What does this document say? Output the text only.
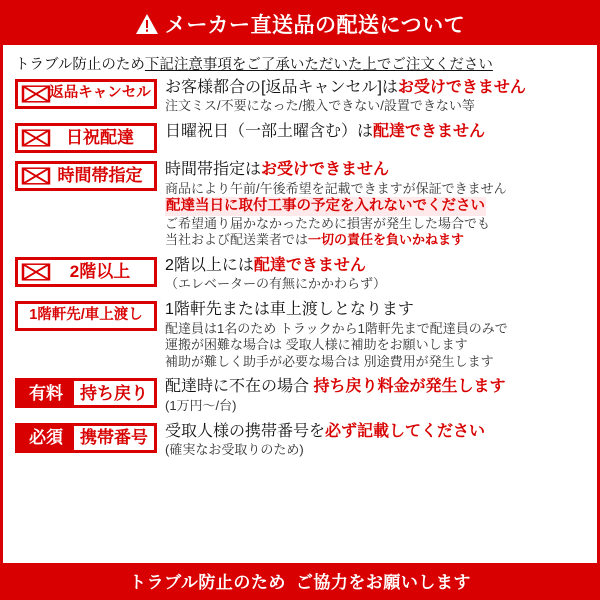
メーカー直送品の配送について
トラブル防止のため 下記注意事項をご了承いただいた上でご注文ください
返品キャンセル お客様都合の[返品キャンセル]はお受けできません
注文ミス/不要になった/搬入できない/設置できない等
日祝配達 日曜祝日（一部土曜含む）は配達できません
時間帯指定 時間帯指定はお受けできません
商品により午前/午後希望を記載できますが保証できません
配達当日に取付工事の予定を入れないでください
ご希望通り届かなかったために損害が発生した場合でも
当社および配送業者では一切の責任を負いかねます
2階以上 2階以上には配達できません
（エレベーターの有無にかかわらず）
1階軒先/車上渡し 1階軒先または車上渡しとなります
配達員は1名のため トラックから1階軒先まで配達員のみで
運搬が困難な場合は 受取人様に補助をお願いします
補助が難しく助手が必要な場合は 別途費用が発生します
有料	持ち戻り	配達時に不在の場合 持ち戻り料金が発生します
(1万円～/台)
必須	携帯番号	受取人様の携帯番号を必ず記載してください
(確実なお受取りのため)
トラブル防止のため ご協力をお願いします
